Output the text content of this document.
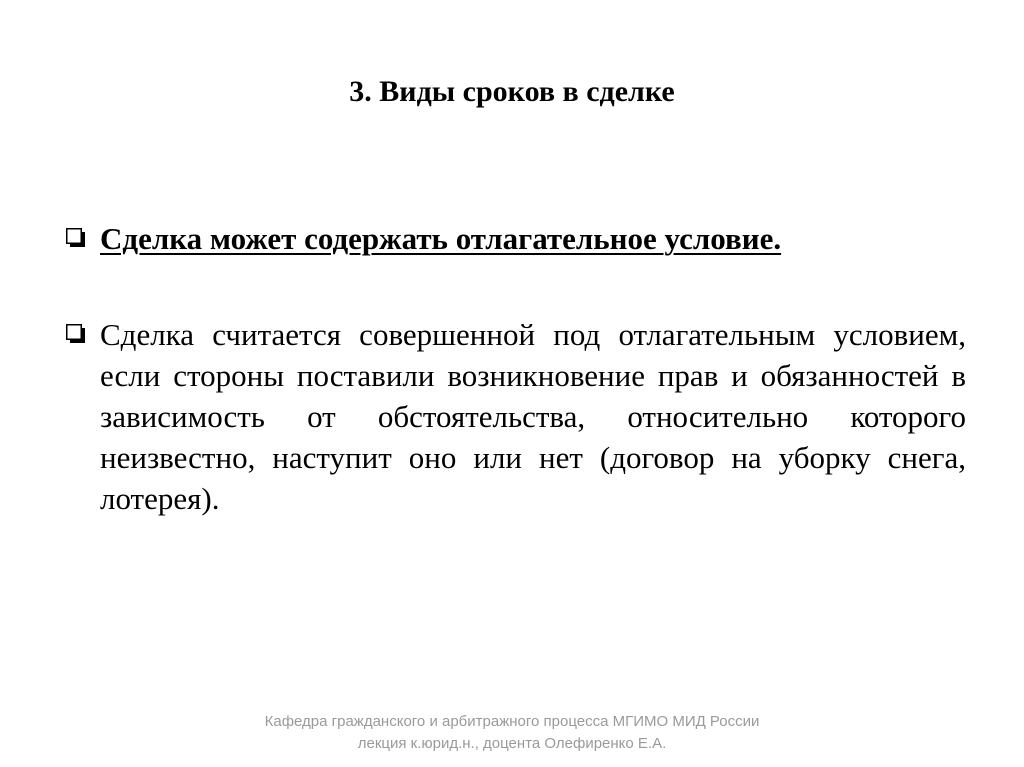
3. Виды сроков в сделке
Сделка может содержать отлагательное условие.
Сделка считается совершенной под отлагательным условием, если стороны поставили возникновение прав и обязанностей в зависимость от обстоятельства, относительно которого неизвестно, наступит оно или нет (договор на уборку снега, лотерея).
Кафедра гражданского и арбитражного процесса МГИМО МИД России
лекция к.юрид.н., доцента Олефиренко Е.А.
